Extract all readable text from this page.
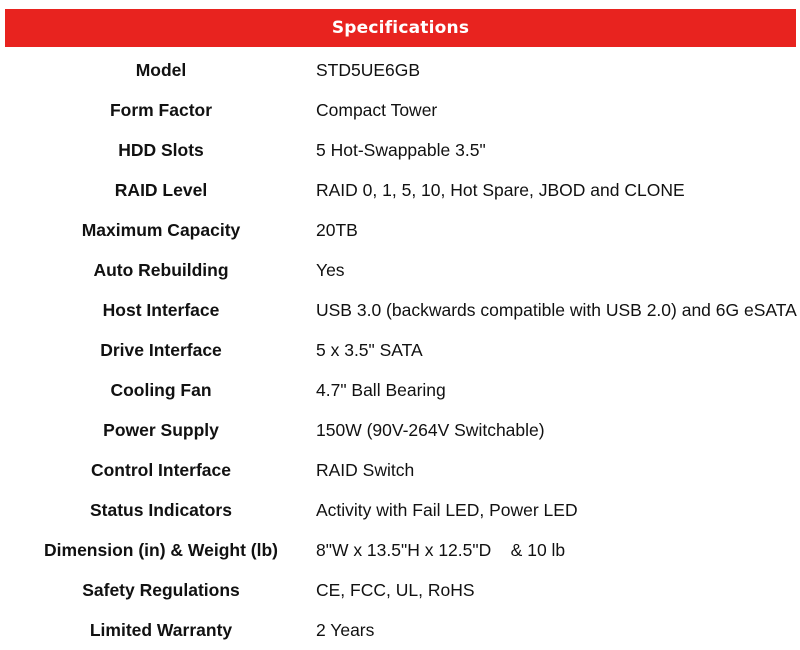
Specifications
Model	STD5UE6GB
Form Factor	Compact Tower
HDD Slots	5 Hot-Swappable 3.5"
RAID Level	RAID 0, 1, 5, 10, Hot Spare, JBOD and CLONE
Maximum Capacity	20TB
Auto Rebuilding	Yes
Host Interface	USB 3.0 (backwards compatible with USB 2.0) and 6G eSATA
Drive Interface	5 x 3.5" SATA
Cooling Fan	4.7" Ball Bearing
Power Supply	150W (90V-264V Switchable)
Control Interface	RAID Switch
Status Indicators	Activity with Fail LED, Power LED
Dimension (in) & Weight (lb)	8"W x 13.5"H x 12.5"D    & 10 lb
Safety Regulations	CE, FCC, UL, RoHS
Limited Warranty	2 Years
